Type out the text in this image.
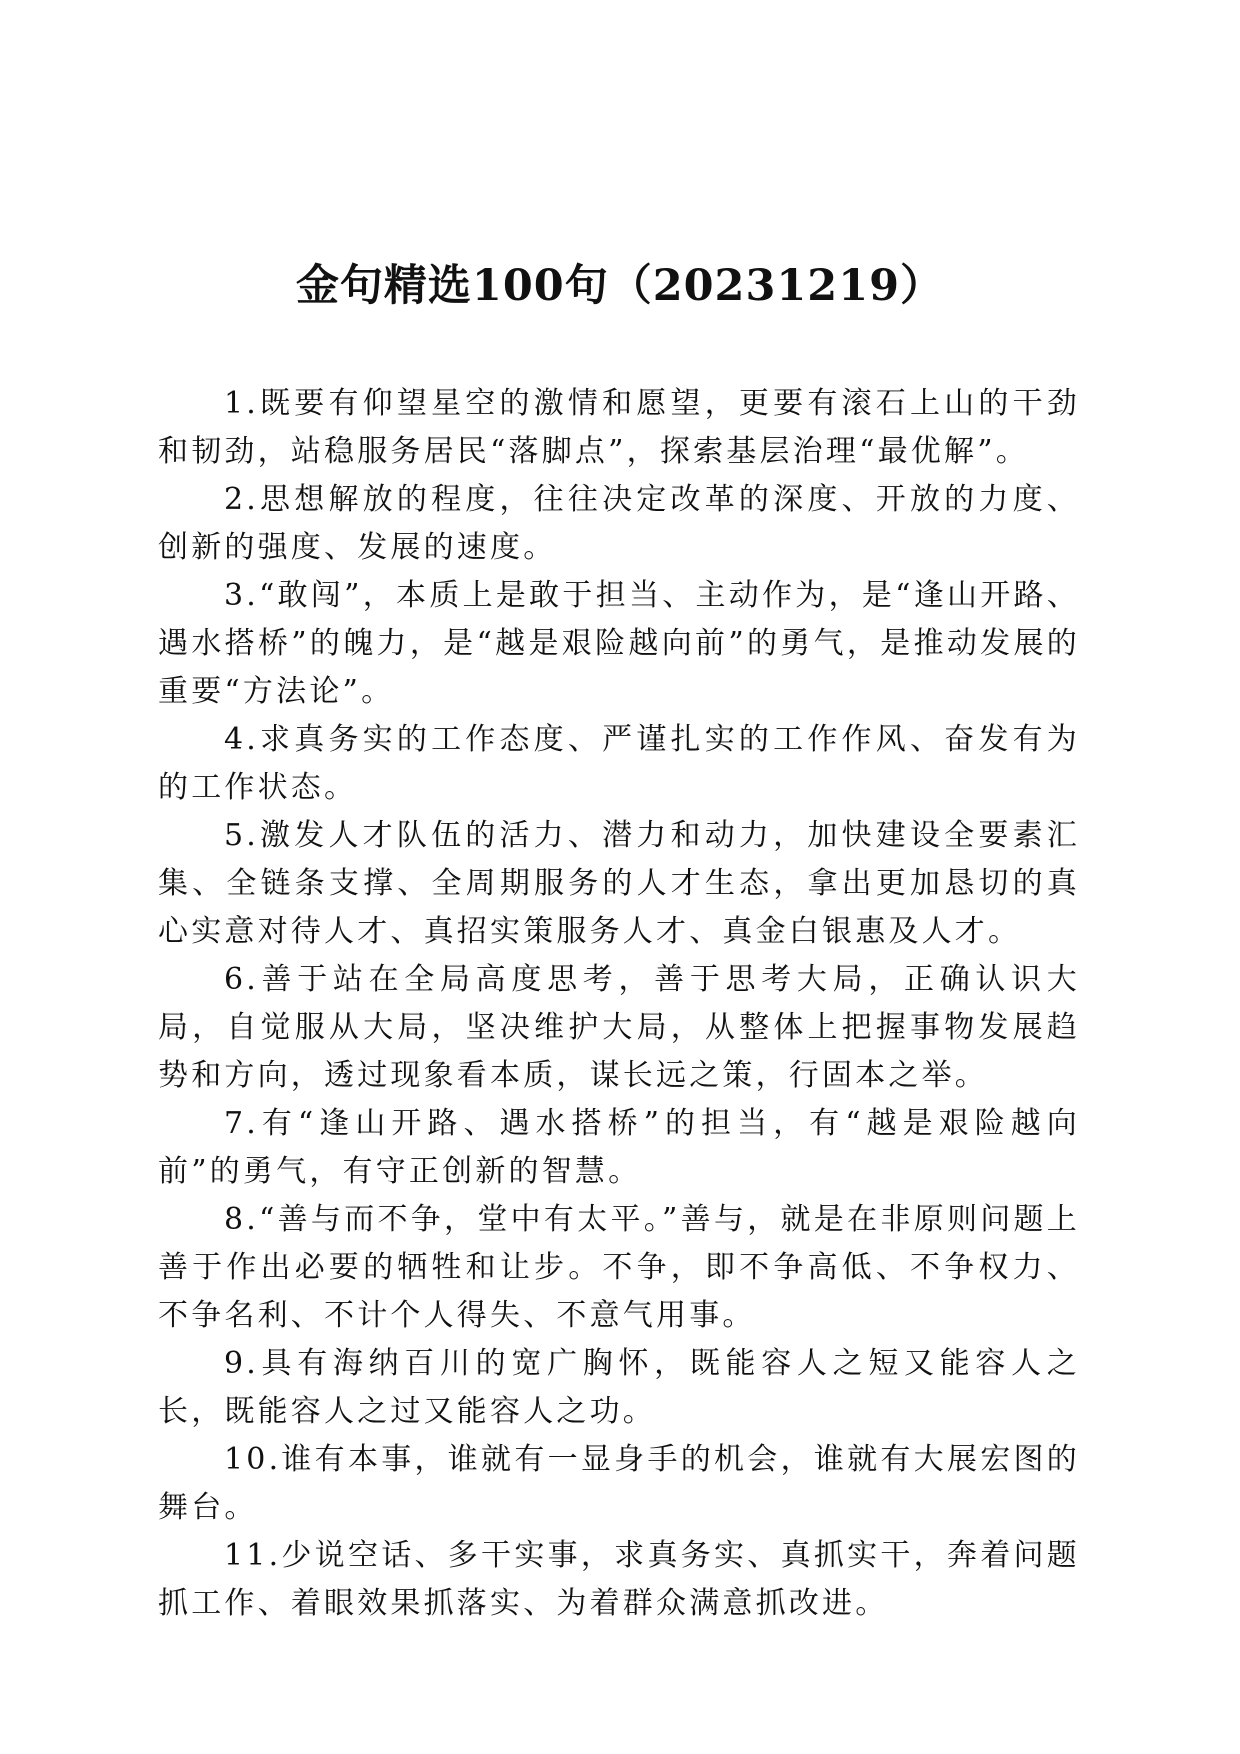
金句精选100句（20231219）

1.既要有仰望星空的激情和愿望，更要有滚石上山的干劲和韧劲，站稳服务居民“落脚点”，探索基层治理“最优解”。

2.思想解放的程度，往往决定改革的深度、开放的力度、创新的强度、发展的速度。

3.“敢闯”，本质上是敢于担当、主动作为，是“逢山开路、遇水搭桥”的魄力，是“越是艰险越向前”的勇气，是推动发展的重要“方法论”。

4.求真务实的工作态度、严谨扎实的工作作风、奋发有为的工作状态。

5.激发人才队伍的活力、潜力和动力，加快建设全要素汇集、全链条支撑、全周期服务的人才生态，拿出更加恳切的真心实意对待人才、真招实策服务人才、真金白银惠及人才。

6.善于站在全局高度思考，善于思考大局，正确认识大局，自觉服从大局，坚决维护大局，从整体上把握事物发展趋势和方向，透过现象看本质，谋长远之策，行固本之举。

7.有“逢山开路、遇水搭桥”的担当，有“越是艰险越向前”的勇气，有守正创新的智慧。

8.“善与而不争，堂中有太平。”善与，就是在非原则问题上善于作出必要的牺牲和让步。不争，即不争高低、不争权力、不争名利、不计个人得失、不意气用事。

9.具有海纳百川的宽广胸怀，既能容人之短又能容人之长，既能容人之过又能容人之功。

10.谁有本事，谁就有一显身手的机会，谁就有大展宏图的舞台。

11.少说空话、多干实事，求真务实、真抓实干，奔着问题抓工作、着眼效果抓落实、为着群众满意抓改进。
